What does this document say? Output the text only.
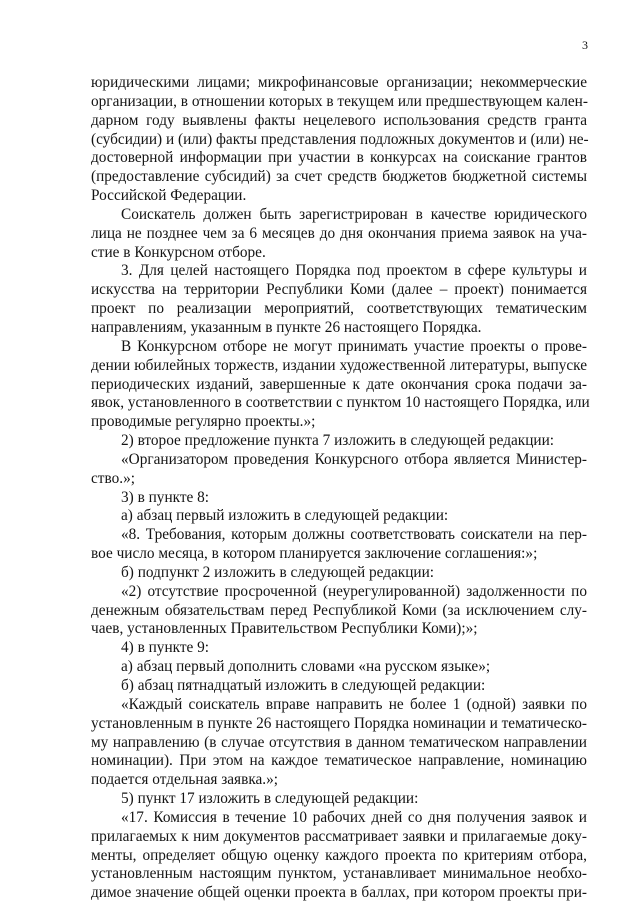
3
юридическими лицами; микрофинансовые организации; некоммерческие
организации, в отношении которых в текущем или предшествующем кален-
дарном году выявлены факты нецелевого использования средств гранта
(субсидии) и (или) факты представления подложных документов и (или) не-
достоверной информации при участии в конкурсах на соискание грантов
(предоставление субсидий) за счет средств бюджетов бюджетной системы
Российской Федерации.
Соискатель должен быть зарегистрирован в качестве юридического
лица не позднее чем за 6 месяцев до дня окончания приема заявок на уча-
стие в Конкурсном отборе.
3. Для целей настоящего Порядка под проектом в сфере культуры и
искусства на территории Республики Коми (далее – проект) понимается
проект по реализации мероприятий, соответствующих тематическим
направлениям, указанным в пункте 26 настоящего Порядка.
В Конкурсном отборе не могут принимать участие проекты о прове-
дении юбилейных торжеств, издании художественной литературы, выпуске
периодических изданий, завершенные к дате окончания срока подачи за-
явок, установленного в соответствии с пунктом 10 настоящего Порядка, или
проводимые регулярно проекты.»;
2) второе предложение пункта 7 изложить в следующей редакции:
«Организатором проведения Конкурсного отбора является Министер-
ство.»;
3) в пункте 8:
а) абзац первый изложить в следующей редакции:
«8. Требования, которым должны соответствовать соискатели на пер-
вое число месяца, в котором планируется заключение соглашения:»;
б) подпункт 2 изложить в следующей редакции:
«2) отсутствие просроченной (неурегулированной) задолженности по
денежным обязательствам перед Республикой Коми (за исключением слу-
чаев, установленных Правительством Республики Коми);»;
4) в пункте 9:
а) абзац первый дополнить словами «на русском языке»;
б) абзац пятнадцатый изложить в следующей редакции:
«Каждый соискатель вправе направить не более 1 (одной) заявки по
установленным в пункте 26 настоящего Порядка номинации и тематическо-
му направлению (в случае отсутствия в данном тематическом направлении
номинации). При этом на каждое тематическое направление, номинацию
подается отдельная заявка.»;
5) пункт 17 изложить в следующей редакции:
«17. Комиссия в течение 10 рабочих дней со дня получения заявок и
прилагаемых к ним документов рассматривает заявки и прилагаемые доку-
менты, определяет общую оценку каждого проекта по критериям отбора,
установленным настоящим пунктом, устанавливает минимальное необхо-
димое значение общей оценки проекта в баллах, при котором проекты при-
